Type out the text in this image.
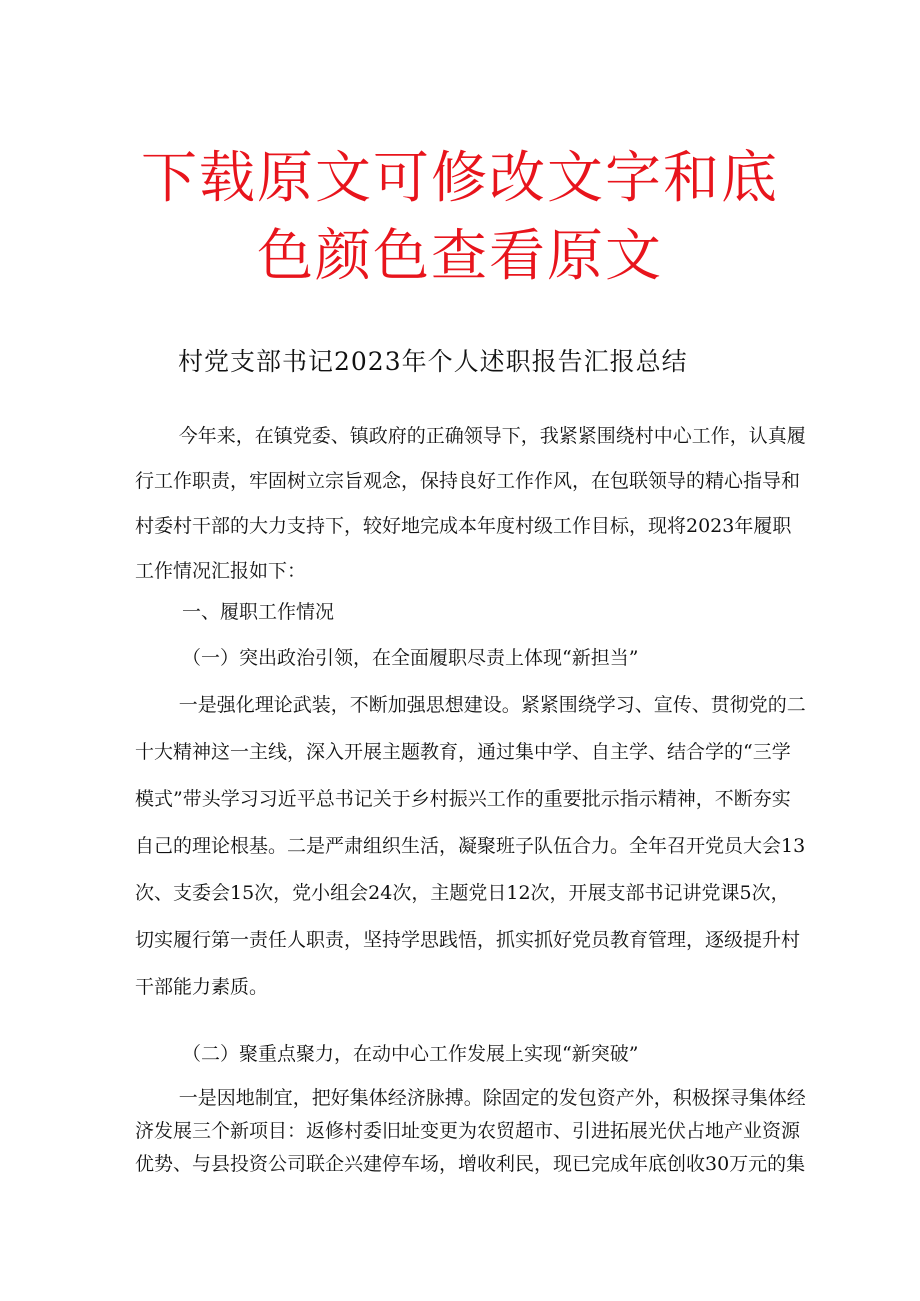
下载原文可修改文字和底
色颜色查看原文
村党支部书记2023年个人述职报告汇报总结
今年来，在镇党委、镇政府的正确领导下，我紧紧围绕村中心工作，认真履
行工作职责，牢固树立宗旨观念，保持良好工作作风，在包联领导的精心指导和
村委村干部的大力支持下，较好地完成本年度村级工作目标，现将2023年履职
工作情况汇报如下：
一、履职工作情况
（一）突出政治引领，在全面履职尽责上体现“新担当”
一是强化理论武装，不断加强思想建设。紧紧围绕学习、宣传、贯彻党的二
十大精神这一主线，深入开展主题教育，通过集中学、自主学、结合学的“三学
模式”带头学习习近平总书记关于乡村振兴工作的重要批示指示精神，不断夯实
自己的理论根基。二是严肃组织生活，凝聚班子队伍合力。全年召开党员大会13
次、支委会15次，党小组会24次，主题党日12次，开展支部书记讲党课5次，
切实履行第一责任人职责，坚持学思践悟，抓实抓好党员教育管理，逐级提升村
干部能力素质。
（二）聚重点聚力，在动中心工作发展上实现“新突破”
一是因地制宜，把好集体经济脉搏。除固定的发包资产外，积极探寻集体经
济发展三个新项目：返修村委旧址变更为农贸超市、引进拓展光伏占地产业资源
优势、与县投资公司联企兴建停车场，增收利民，现已完成年底创收30万元的集
